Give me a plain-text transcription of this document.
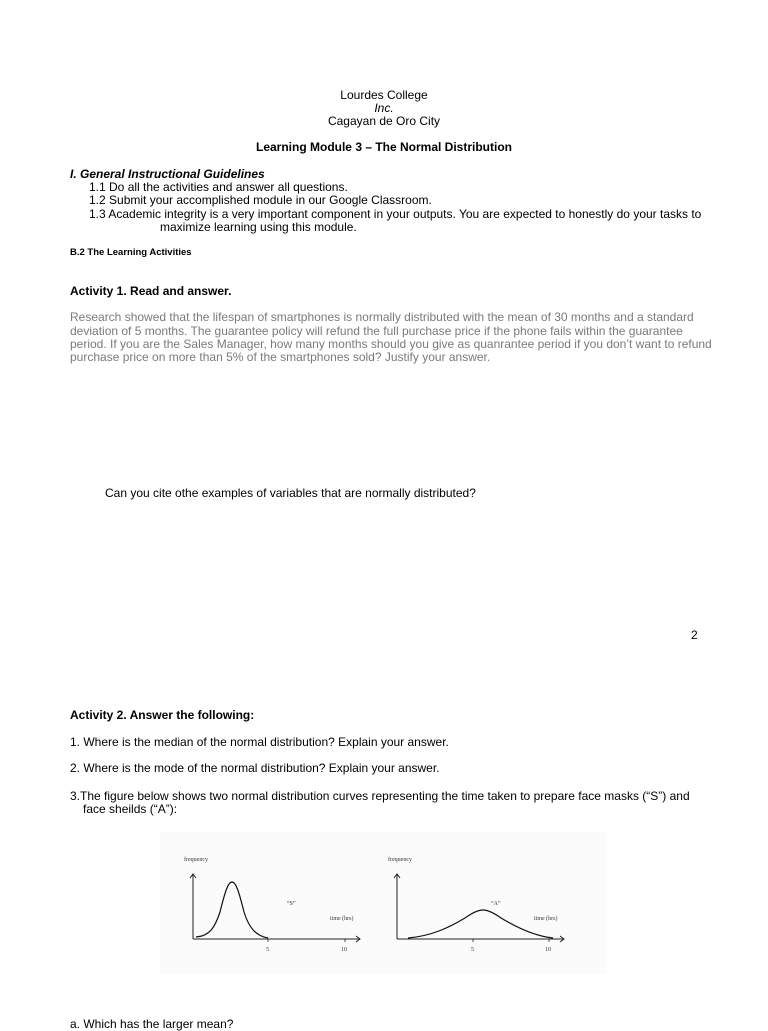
Lourdes College
Inc.
Cagayan de Oro City
Learning Module 3 – The Normal Distribution
I. General Instructional Guidelines
1.1 Do all the activities and answer all questions.
1.2 Submit your accomplished module in our Google Classroom.
1.3 Academic integrity is a very important component in your outputs. You are expected to honestly do your tasks to
maximize learning using this module.
B.2 The Learning Activities
Activity 1. Read and answer.
Research showed that the lifespan of smartphones is normally distributed with the mean of 30 months and a standard
deviation of 5 months. The guarantee policy will refund the full purchase price if the phone fails within the guarantee
period. If you are the Sales Manager, how many months should you give as quanrantee period if you don’t want to refund
purchase price on more than 5% of the smartphones sold? Justify your answer.
Can you cite othe examples of variables that are normally distributed?
2
Activity 2. Answer the following:
1. Where is the median of the normal distribution? Explain your answer.
2. Where is the mode of the normal distribution? Explain your answer.
3.The figure below shows two normal distribution curves representing the time taken to prepare face masks (“S”) and
face sheilds (“A”):
frequency
“S”
time (hrs)
5	10
frequency
“A”
time (hrs)
5	10
a. Which has the larger mean?
